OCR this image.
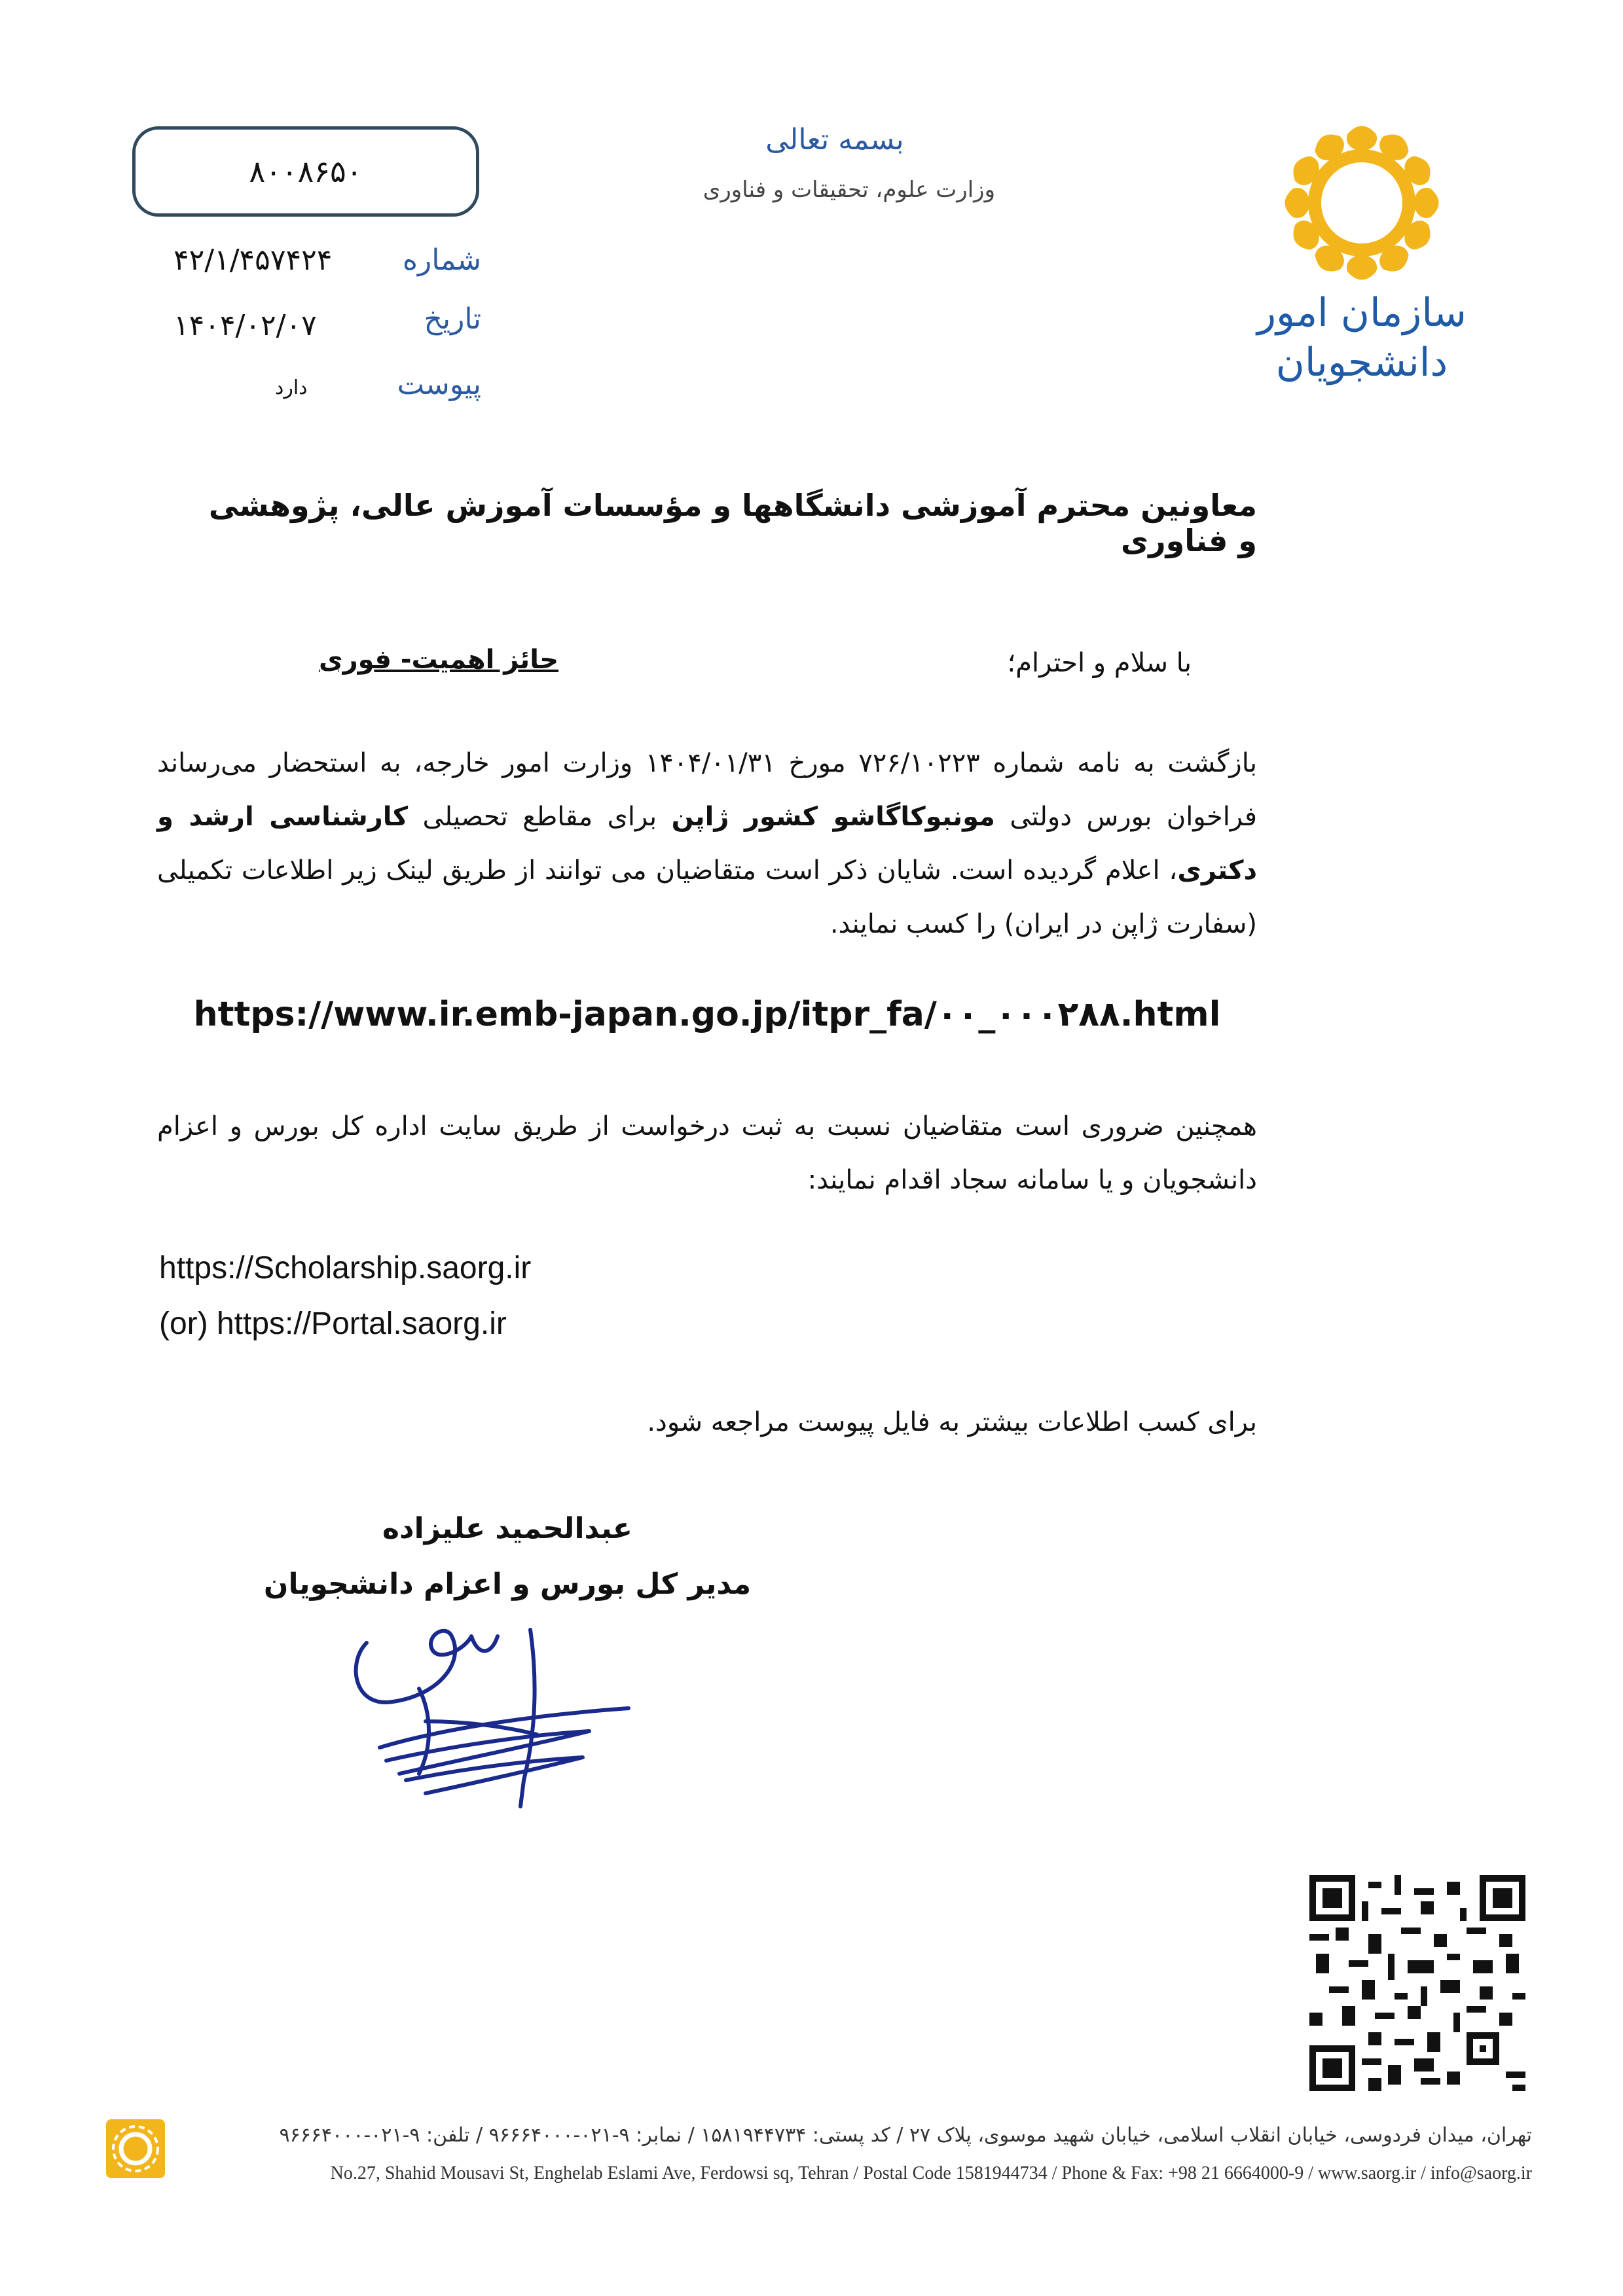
۸۰۰۸۶۵۰
۴۲/۱/۴۵۷۴۲۴	شماره
۱۴۰۴/۰۲/۰۷	تاریخ
دارد	پیوست
بسمه تعالی
وزارت علوم، تحقیقات و فناوری
سازمان امور
دانشجویان
معاونین محترم آموزشی دانشگاهها و مؤسسات آموزش عالی، پژوهشی و فناوری
با سلام و احترام؛
حائز اهمیت- فوری
بازگشت به نامه شماره ۷۲۶/۱۰۲۲۳ مورخ ۱۴۰۴/۰۱/۳۱ وزارت امور خارجه، به استحضار می‌رساند فراخوان بورس دولتی مونبوکاگاشو کشور ژاپن برای مقاطع تحصیلی کارشناسی ارشد و دکتری، اعلام گردیده است. شایان ذکر است متقاضیان می توانند از طریق لینک زیر اطلاعات تکمیلی (سفارت ژاپن در ایران) را کسب نمایند.
https://www.ir.emb-japan.go.jp/itpr_fa/۰۰_۰۰۰۲۸۸.html
همچنین ضروری است متقاضیان نسبت به ثبت درخواست از طریق سایت اداره کل بورس و اعزام دانشجویان و یا سامانه سجاد اقدام نمایند:
https://Scholarship.saorg.ir
(or) https://Portal.saorg.ir
برای کسب اطلاعات بیشتر به فایل پیوست مراجعه شود.
عبدالحمید علیزاده
مدیر کل بورس و اعزام دانشجویان
تهران، میدان فردوسی، خیابان انقلاب اسلامی، خیابان شهید موسوی، پلاک ۲۷ / کد پستی: ۱۵۸۱۹۴۴۷۳۴ / نمابر: ۹-۰۲۱-۹۶۶۶۴۰۰۰ / تلفن: ۹-۰۲۱-۹۶۶۶۴۰۰۰
No.27, Shahid Mousavi St, Enghelab Eslami Ave, Ferdowsi sq, Tehran / Postal Code 1581944734 / Phone & Fax: +98 21 6664000-9 / www.saorg.ir / info@saorg.ir
